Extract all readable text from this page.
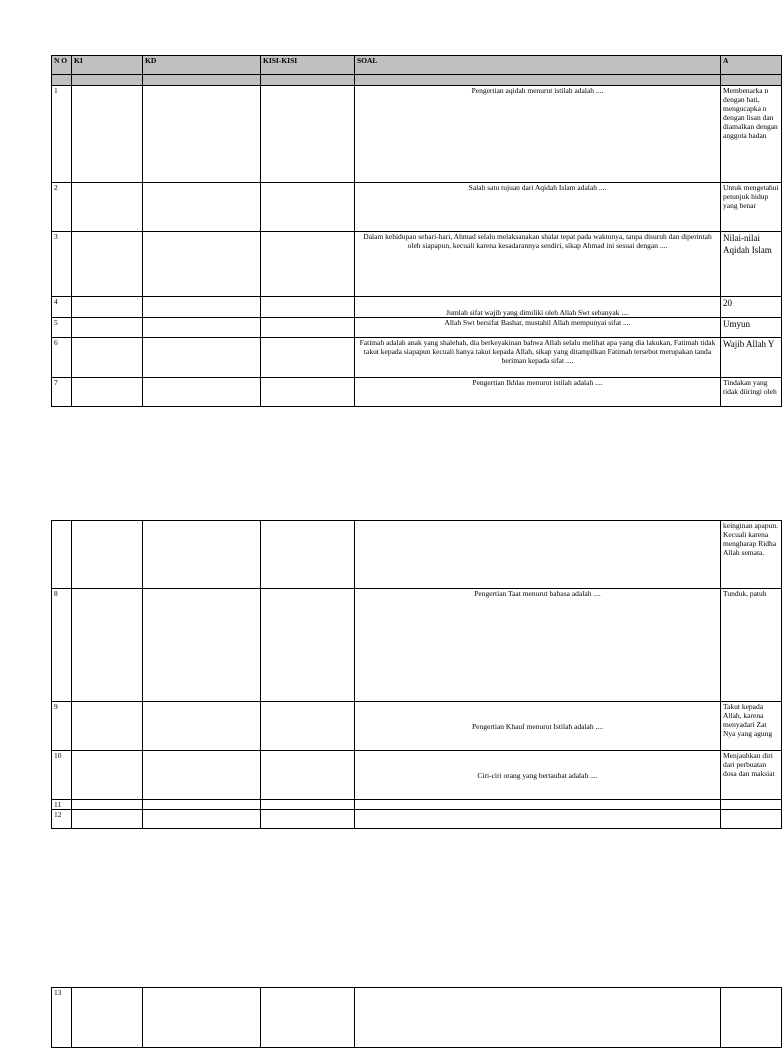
N O	KI	KD	KISI-KISI	SOAL	A

1				Pengertian aqidah menurut istilah adalah ....	Membenarka n dengan hati, mengucapka n dengan lisan dan diamalkan dengan anggota badan
2				Salah satu tujuan dari Aqidah Islam adalah ....	Untuk mengetahui petunjuk hidup yang benar
3				Dalam kehidupan sehari-hari, Ahmad selalu melaksanakan shalat tepat pada waktunya, tanpa disuruh dan diperintah oleh siapapun, kecuali karena kesadarannya sendiri, sikap Ahmad ini sesuai dengan ....	Nilai-nilai Aqidah Islam
4				Jumlah sifat wajib yang dimiliki oleh Allah Swt sebanyak ....	20
5				Allah Swt bersifat Bashar, mustahil Allah mempunyai sifat ....	Umyun
6				Fatimah adalah anak yang shalehah, dia berkeyakinan bahwa Allah selalu melihat apa yang dia lakukan, Fatimah tidak takut kepada siapapun kecuali hanya takut kepada Allah, sikap yang ditampilkan Fatimah tersebut merupakan tanda beriman kepada sifat ....	Wajib Allah Y
7				Pengertian Ikhlas menurut istilah adalah ....	Tindakan yang tidak diiringi oleh
					keinginan apapun. Kecuali karena mengharap Ridha Allah semata.
8				Pengertian Taat menurut bahasa adalah ....	Tunduk, patuh
9				Pengertian Khauf menurut Istilah adalah ....	Takut kepada Allah, karena menyadari Zat Nya yang agung
10				Ciri-ciri orang yang bertaubat adalah ....	Menjauhkan diri dari perbuatan dosa dan maksiat
11					
12					
13					
